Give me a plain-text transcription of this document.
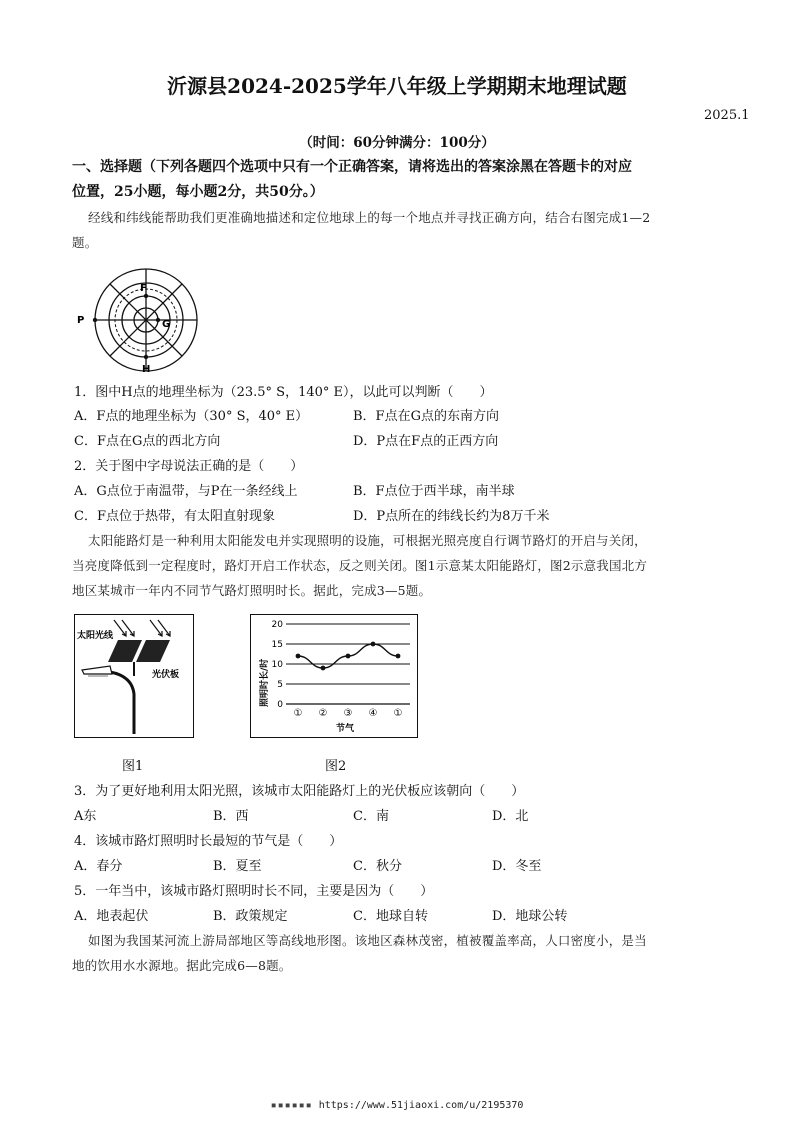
沂源县2024-2025学年八年级上学期期末地理试题
2025.1
（时间：60分钟满分：100分）
一、选择题（下列各题四个选项中只有一个正确答案，请将选出的答案涂黑在答题卡的对应
位置，25小题，每小题2分，共50分。）
经线和纬线能帮助我们更准确地描述和定位地球上的每一个地点并寻找正确方向，结合右图完成1—2
题。
F
G
P
H
1．图中H点的地理坐标为（23.5° S，140° E），以此可以判断（　　）
A．F点的地理坐标为（30° S，40° E）	B．F点在G点的东南方向
C．F点在G点的西北方向	D．P点在F点的正西方向
2．关于图中字母说法正确的是（　　）
A．G点位于南温带，与P在一条经线上	B．F点位于西半球，南半球
C．F点位于热带，有太阳直射现象	D．P点所在的纬线长约为8万千米
太阳能路灯是一种利用太阳能发电并实现照明的设施，可根据光照亮度自行调节路灯的开启与关闭，
当亮度降低到一定程度时，路灯开启工作状态，反之则关闭。图1示意某太阳能路灯，图2示意我国北方
地区某城市一年内不同节气路灯照明时长。据此，完成3—5题。
太阳光线
光伏板
图1
照明时长/时
20
15
10
5
0
① ② ③ ④ ①
节气
图2
3．为了更好地利用太阳光照，该城市太阳能路灯上的光伏板应该朝向（　　）
A东	B．西	C．南	D．北
4．该城市路灯照明时长最短的节气是（　　）
A．春分	B．夏至	C．秋分	D．冬至
5．一年当中，该城市路灯照明时长不同，主要是因为（　　）
A．地表起伏	B．政策规定	C．地球自转	D．地球公转
如图为我国某河流上游局部地区等高线地形图。该地区森林茂密，植被覆盖率高，人口密度小，是当
地的饮用水水源地。据此完成6—8题。
▪▪▪▪▪▪ https://www.51jiaoxi.com/u/2195370
